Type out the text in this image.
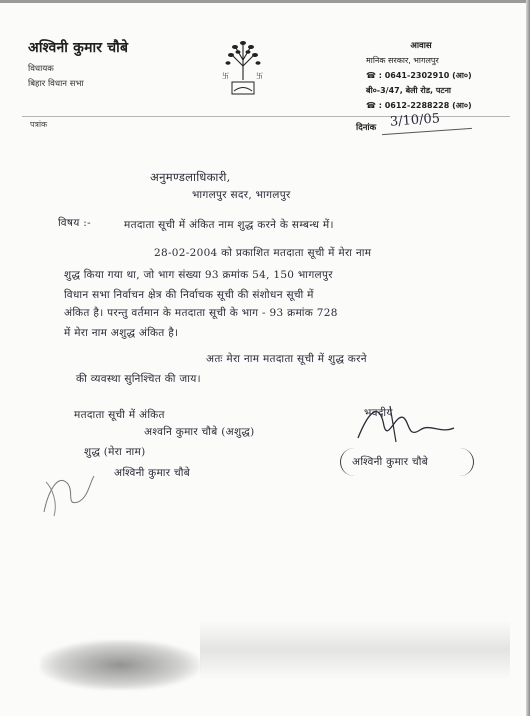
अश्विनी कुमार चौबे
विधायक
बिहार विधान सभा
卐	卐
आवास
मानिक सरकार, भागलपुर
☎ : 0641-2302910 (आ०)
बी०-3/47, बेली रोड, पटना
☎ : 0612-2288228 (आ०)
पत्रांक	दिनांक 3/10/05
अनुमण्डलाधिकारी,
भागलपुर सदर, भागलपुर
विषय :-	मतदाता सूची में अंकित नाम शुद्ध करने के सम्बन्ध में।
28-02-2004 को प्रकाशित मतदाता सूची में मेरा नाम
शुद्ध किया गया था, जो भाग संख्या 93 क्रमांक 54, 150 भागलपुर
विधान सभा निर्वाचन क्षेत्र की निर्वाचक सूची की संशोधन सूची में
अंकित है। परन्तु वर्तमान के मतदाता सूची के भाग - 93 क्रमांक 728
में मेरा नाम अशुद्ध अंकित है।
अतः मेरा नाम मतदाता सूची में शुद्ध करने
की व्यवस्था सुनिश्चित की जाय।
मतदाता सूची में अंकित
अश्वनि कुमार चौबे (अशुद्ध)
शुद्ध (मेरा नाम)
अश्विनी कुमार चौबे
भवदीय
अश्विनी कुमार चौबे
